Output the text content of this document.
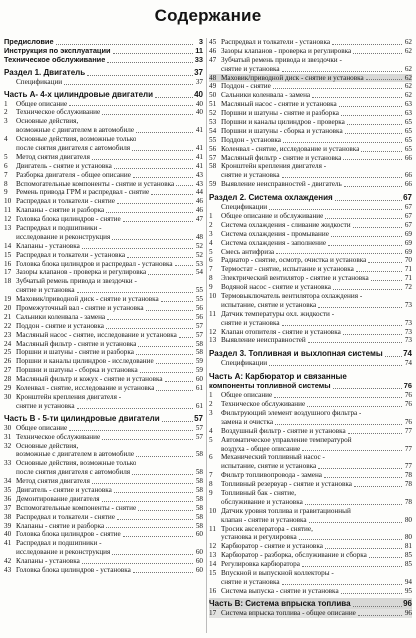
Содержание
Предисловие	3
Инструкция по эксплуатации	11
Техническое обслуживание	33
Раздел 1. Двигатель	37
Спецификации	37
Часть А- 4-х цилиндровые двигатели	40
1	Общее описание	40
2	Техническое обслуживание	40
3	Основные действия,
возможные с двигателем в автомобиле	41
4	Основные действия, возможные только
после снятия двигателя с автомобиля	41
5	Метод снятия двигателя	41
6	Двигатель - снятие и установка	41
7	Разборка двигателя - общее описание	43
8	Вспомогательные компоненты - снятие и установка	43
9	Ремень привода ГРМ и распредвал - снятие	44
10 Распредвал и толкатели - снятие	46
11 Клапаны - снятие и разборка	46
12 Головка блока цилиндров - снятие	47
13 Распредвал и подшипники -
исследование и реконструкция	48
14 Клапаны - установка	52
15 Распредвал и толкатели - установка	52
16 Головка блока цилиндров и распредвал - установка	53
17 Зазоры клапанов - проверка и регулировка	54
18 Зубчатый ремень привода и звездочки -
снятие и установка	55
19 Маховик/приводной диск - снятие и установка	55
20 Промежуточный вал - снятие и установка	56
21 Сальники коленвала - замена	56
22 Поддон - снятие и установка	57
23 Масляный насос - снятие, исследование и установка	57
24 Масляный фильтр - снятие и установка	58
25 Поршни и шатуны - снятие и разборка	58
26 Поршни и каналы цилиндров - исследование	59
27 Поршни и шатуны - сборка и установка	59
28 Масляный фильтр и кожух - снятие и установка	60
29 Коленвал - снятие, исследование и установка	61
30 Кронштейн крепления двигателя -
снятие и установка	61
Часть В - 5-ти цилиндровые двигатели	57
30 Общее описание	57
31 Техническое обслуживание	57
32 Основные действия,
возможные с двигателем в автомобиле	58
33 Основные действия, возможные только
после снятия двигателя с автомобиля	58
34 Метод снятия двигателя	58
35 Двигатель - снятие и установка	58
36 Демонтирование двигателя	58
37 Вспомогательные компоненты - снятие	58
38 Распредвал и толкатели - снятие	58
39 Клапаны - снятие и разборка	58
40 Головка блока цилиндров - снятие	60
41 Распредвал и подшипники -
исследование и реконструкция	60
42 Клапаны - установка	60
43 Головка блока цилиндров - установка	60
45 Распредвал и толкатели - установка	62
46 Зазоры клапанов - проверка и регулировка	62
47 Зубчатый ремень привода и звездочки -
снятие и установка	62
48 Маховик/приводной диск - снятие и установка	62
49 Поддон - снятие	62
50 Сальники коленвала - замена	62
51 Масляный насос - снятие и установка	63
52 Поршни и шатуны - снятие и разборка	63
53 Поршни и каналы цилиндров - проверка	65
54 Поршни и шатуны - сборка и установка	65
55 Поддон - установка	65
56 Коленвал - снятие, исследование и установка	65
57 Масляный фильтр - снятие и установка	66
58 Кронштейн крепления двигателя -
снятие и установка	66
59 Выявление неисправностей - двигатель	66
Раздел 2. Система охлаждения	67
Спецификации	67
1	Общее описание и обслуживание	67
2	Система охлаждения - сливание жидкости	67
3	Система охлаждения - промывание	69
4	Система охлаждения - заполнение	69
5	Смесь антифриза	69
6	Радиатор - снятие, осмотр, очистка и установка	70
7	Термостат - снятие, испытание и установка	71
8	Электрический вентилятор - снятие и установка	71
9	Водяной насос - снятие и установка	72
10 Термовыключатель вентилятора охлаждения -
испытание, снятие и установка	73
11 Датчик температуры охл. жидкости -
снятие и установка	73
12 Клапан отопителя - снятие и установка	73
13 Выявление неисправностей	73
Раздел 3. Топливная и выхлопная системы	74
Спецификации	74
Часть А: Карбюратор и связанные
компоненты топливной системы	76
1	Общее описание	76
2	Техническое обслуживание	76
3	Фильтрующий элемент воздушного фильтра -
замена и очистка	76
4	Воздушный фильтр - снятие и установка	77
5	Автоматическое управление температурой
воздуха - общее описание	77
6	Механический топливный насос -
испытание, снятие и установка	77
7	Фильтр топливопровода - замена	78
8	Топливный резервуар - снятие и установка	78
9	Топливный бак - снятие,
обслуживание и установка	78
10 Датчик уровня топлива и гравитационный
клапан - снятие и установка	80
11 Тросик акселератора - снятие,
установка и регулировка	80
12 Карбюратор - снятие и установка	81
13 Карбюратор - разборка, обслуживание и сборка	85
14 Регулировка карбюратора	85
15 Впускной и выпускной коллекторы -
снятие и установка	94
16 Система выпуска - снятие и установка	95
Часть В: Система впрыска топлива	96
17 Система впрыска топлива - общее описание	96
